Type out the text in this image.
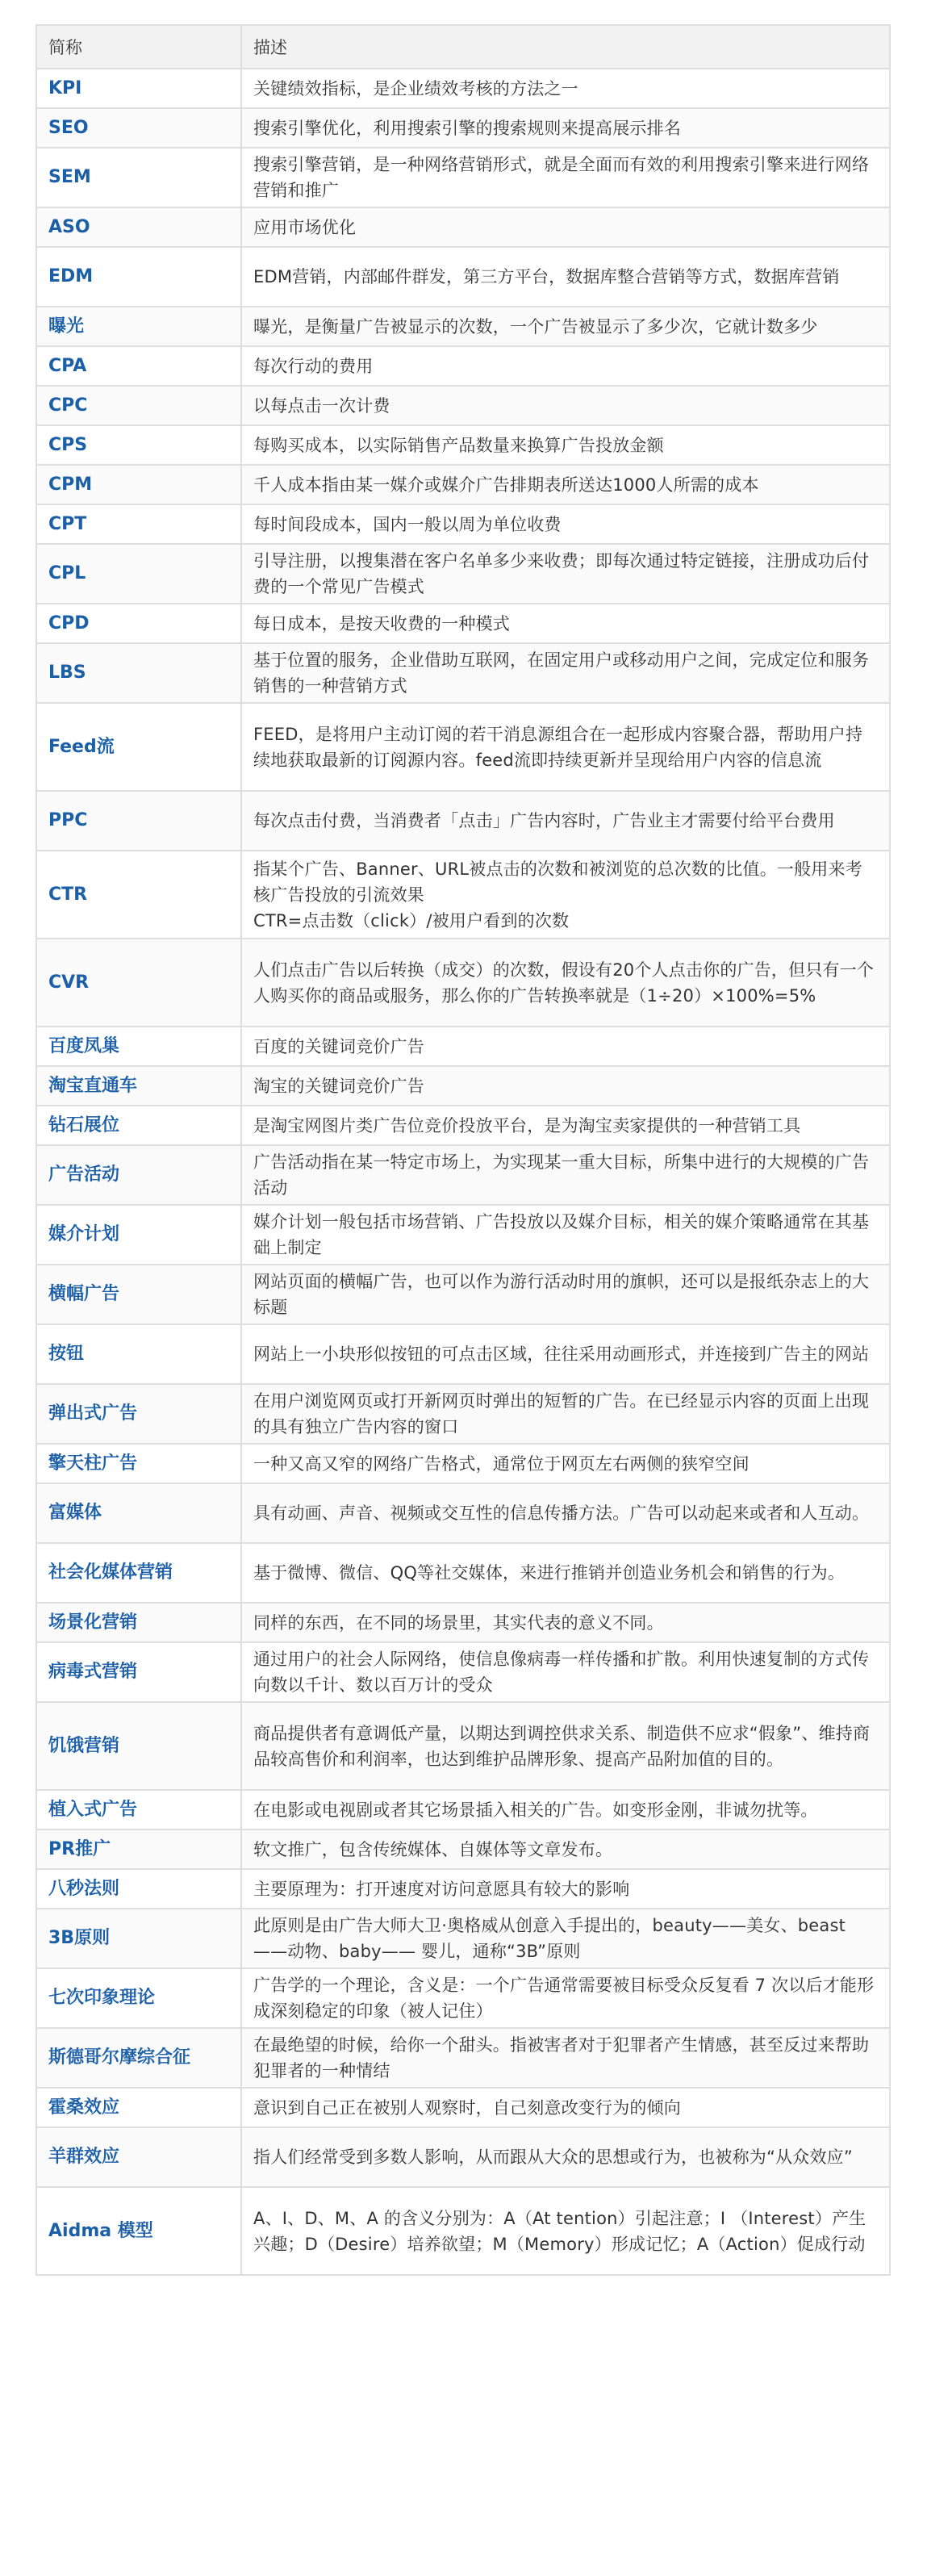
简称	描述
KPI	关键绩效指标，是企业绩效考核的方法之一

SEO	搜索引擎优化，利用搜索引擎的搜索规则来提高展示排名

SEM	搜索引擎营销，是一种网络营销形式，就是全面而有效的利用搜索引擎来进行网络营销和推广

ASO	应用市场优化

EDM	EDM营销，内部邮件群发，第三方平台，数据库整合营销等方式，数据库营销

曝光	曝光，是衡量广告被显示的次数，一个广告被显示了多少次，它就计数多少

CPA	每次行动的费用

CPC	以每点击一次计费

CPS	每购买成本，以实际销售产品数量来换算广告投放金额

CPM	千人成本指由某一媒介或媒介广告排期表所送达1000人所需的成本

CPT	每时间段成本，国内一般以周为单位收费

CPL	引导注册，以搜集潜在客户名单多少来收费；即每次通过特定链接，注册成功后付费的一个常见广告模式

CPD	每日成本，是按天收费的一种模式

LBS	基于位置的服务，企业借助互联网，在固定用户或移动用户之间，完成定位和服务销售的一种营销方式

Feed流	FEED，是将用户主动订阅的若干消息源组合在一起形成内容聚合器，帮助用户持续地获取最新的订阅源内容。feed流即持续更新并呈现给用户内容的信息流

PPC	每次点击付费，当消费者「点击」广告内容时，广告业主才需要付给平台费用

CTR	指某个广告、Banner、URL被点击的次数和被浏览的总次数的比值。一般用来考核广告投放的引流效果
CTR=点击数（click）/被用户看到的次数

CVR	人们点击广告以后转换（成交）的次数，假设有20个人点击你的广告，但只有一个人购买你的商品或服务，那么你的广告转换率就是（1÷20）×100%=5%

百度凤巢	百度的关键词竞价广告

淘宝直通车	淘宝的关键词竞价广告

钻石展位	是淘宝网图片类广告位竞价投放平台，是为淘宝卖家提供的一种营销工具

广告活动	广告活动指在某一特定市场上，为实现某一重大目标，所集中进行的大规模的广告活动

媒介计划	媒介计划一般包括市场营销、广告投放以及媒介目标，相关的媒介策略通常在其基础上制定

横幅广告	网站页面的横幅广告，也可以作为游行活动时用的旗帜，还可以是报纸杂志上的大标题

按钮	网站上一小块形似按钮的可点击区域，往往采用动画形式，并连接到广告主的网站

弹出式广告	在用户浏览网页或打开新网页时弹出的短暂的广告。在已经显示内容的页面上出现的具有独立广告内容的窗口

擎天柱广告	一种又高又窄的网络广告格式，通常位于网页左右两侧的狭窄空间

富媒体	具有动画、声音、视频或交互性的信息传播方法。广告可以动起来或者和人互动。

社会化媒体营销	基于微博、微信、QQ等社交媒体，来进行推销并创造业务机会和销售的行为。

场景化营销	同样的东西，在不同的场景里，其实代表的意义不同。

病毒式营销	通过用户的社会人际网络，使信息像病毒一样传播和扩散。利用快速复制的方式传向数以千计、数以百万计的受众

饥饿营销	商品提供者有意调低产量，以期达到调控供求关系、制造供不应求“假象”、维持商品较高售价和利润率，也达到维护品牌形象、提高产品附加值的目的。

植入式广告	在电影或电视剧或者其它场景插入相关的广告。如变形金刚，非诚勿扰等。

PR推广	软文推广，包含传统媒体、自媒体等文章发布。

八秒法则	主要原理为：打开速度对访问意愿具有较大的影响

3B原则	此原则是由广告大师大卫·奥格威从创意入手提出的，beauty——美女、beast——动物、baby—— 婴儿，通称“3B”原则

七次印象理论	广告学的一个理论，含义是：一个广告通常需要被目标受众反复看 7 次以后才能形成深刻稳定的印象（被人记住）

斯德哥尔摩综合征	在最绝望的时候，给你一个甜头。指被害者对于犯罪者产生情感，甚至反过来帮助犯罪者的一种情结

霍桑效应	意识到自己正在被别人观察时，自己刻意改变行为的倾向

羊群效应	指人们经常受到多数人影响，从而跟从大众的思想或行为，也被称为“从众效应”

Aidma 模型	A、I、D、M、A 的含义分别为：A（At tention）引起注意；I （Interest）产生兴趣；D（Desire）培养欲望；M（Memory）形成记忆；A（Action）促成行动
